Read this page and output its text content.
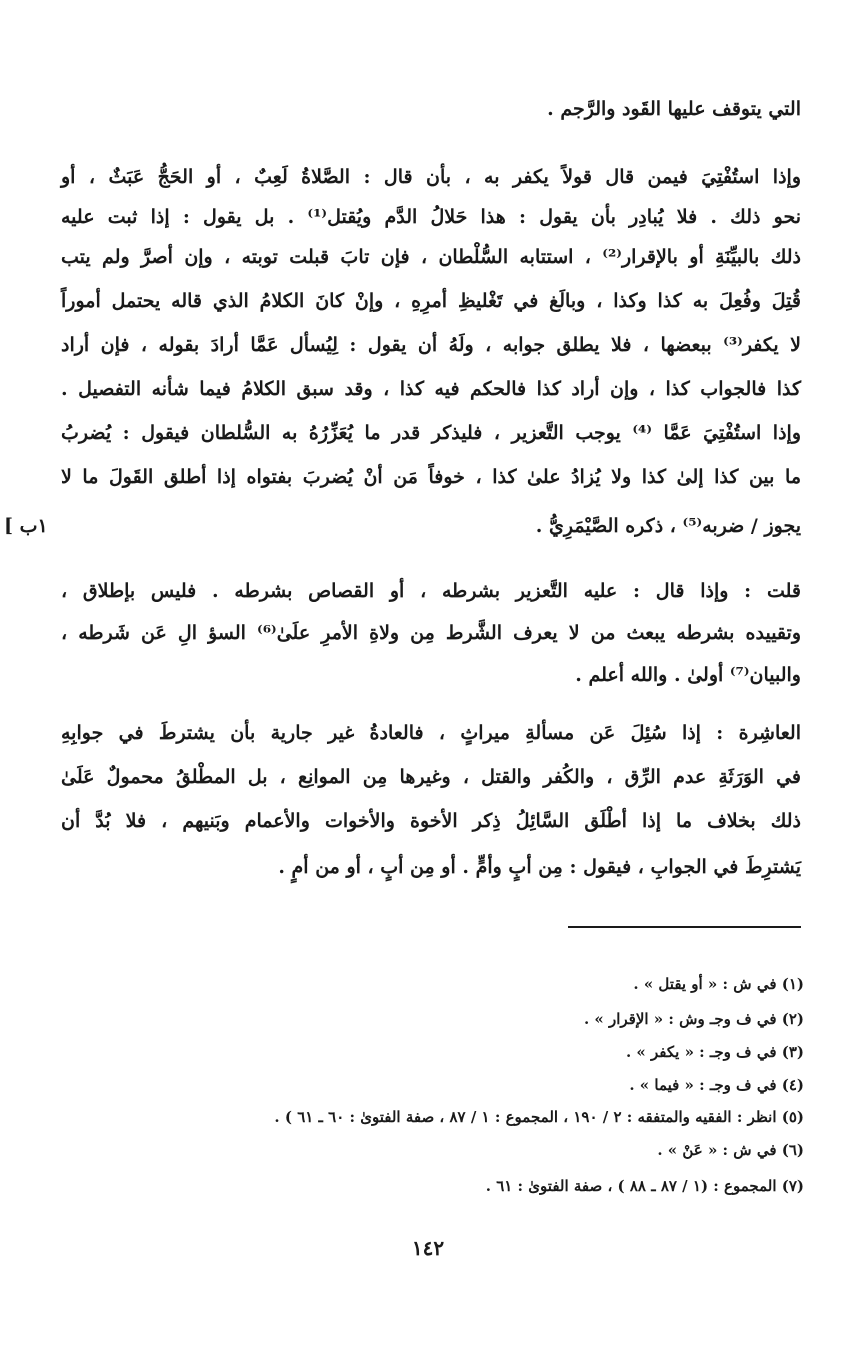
التي يتوقف عليها القَود والرَّجم .
وإذا استُفْتِيَ فيمن قال قولاً يكفر به ، بأن قال : الصَّلاةُ لَعِبٌ ، أو الحَجُّ عَبَثٌ ، أو
نحو ذلك . فلا يُبادِر بأن يقول : هذا حَلالُ الدَّم ويُقتل⁽¹⁾ . بل يقول : إذا ثبت عليه
ذلك بالبيِّنَةِ أو بالإقرار⁽²⁾ ، استتابه السُّلْطان ، فإن تابَ قبلت توبته ، وإن أصرَّ ولم يتب
قُتِلَ وفُعِلَ به كذا وكذا ، وبالَغ في تَغْليظِ أمرِهِ ، وإنْ كانَ الكلامُ الذي قاله يحتمل أموراً
لا يكفر⁽³⁾ ببعضها ، فلا يطلق جوابه ، ولَهُ أن يقول : لِيُسأل عَمَّا أرادَ بقوله ، فإن أراد
كذا فالجواب كذا ، وإن أراد كذا فالحكم فيه كذا ، وقد سبق الكلامُ فيما شأنه التفصيل .
وإذا استُفْتِيَ عَمَّا ⁽⁴⁾ يوجب التَّعزير ، فليذكر قدر ما يُعَزِّرُهُ به السُّلطان فيقول : يُضربُ
ما بين كذا إلىٰ كذا ولا يُزادُ علىٰ كذا ، خوفاً مَن أنْ يُضربَ بفتواه إذا أطلق القَولَ ما لا
يجوز / ضربه⁽⁵⁾ ، ذكره الصَّيْمَرِيُّ .
١ب ]
قلت : وإذا قال : عليه التَّعزير بشرطه ، أو القصاص بشرطه . فليس بإطلاق ،
وتقييده بشرطه يبعث من لا يعرف الشَّرط مِن ولاةِ الأمرِ علَىٰ⁽⁶⁾ السؤ الِ عَن شَرطه ،
والبيان⁽⁷⁾ أولىٰ . والله أعلم .
العاشِرة : إذا سُئِلَ عَن مسألةِ ميراثٍ ، فالعادةُ غير جارية بأن يشترطَ في جوابِهِ
في الوَرَثَةِ عدم الرِّق ، والكُفر والقتل ، وغيرها مِن الموانِع ، بل المطْلقُ محمولٌ عَلَىٰ
ذلك بخلاف ما إذا أطْلَق السَّائِلُ ذِكر الأخوة والأخوات والأعمام وبَنيهم ، فلا بُدَّ أن
يَشترِطَ في الجوابِ ، فيقول : مِن أبٍ وأمٍّ . أو مِن أبٍ ، أو من أمٍ .
(١) في ش : « أو يقتل » .
(٢) في ف وجـ وش : « الإقرار » .
(٣) في ف وجـ : « يكفر » .
(٤) في ف وجـ : « فيما » .
(٥) انظر : الفقيه والمتفقه : ٢ / ١٩٠ ، المجموع : ١ / ٨٧ ، صفة الفتوىٰ : ٦٠ ـ ٦١ ) .
(٦) في ش : « عَنْ » .
(٧) المجموع : (١ / ٨٧ ـ ٨٨ ) ، صفة الفتوىٰ : ٦١ .
١٤٢
